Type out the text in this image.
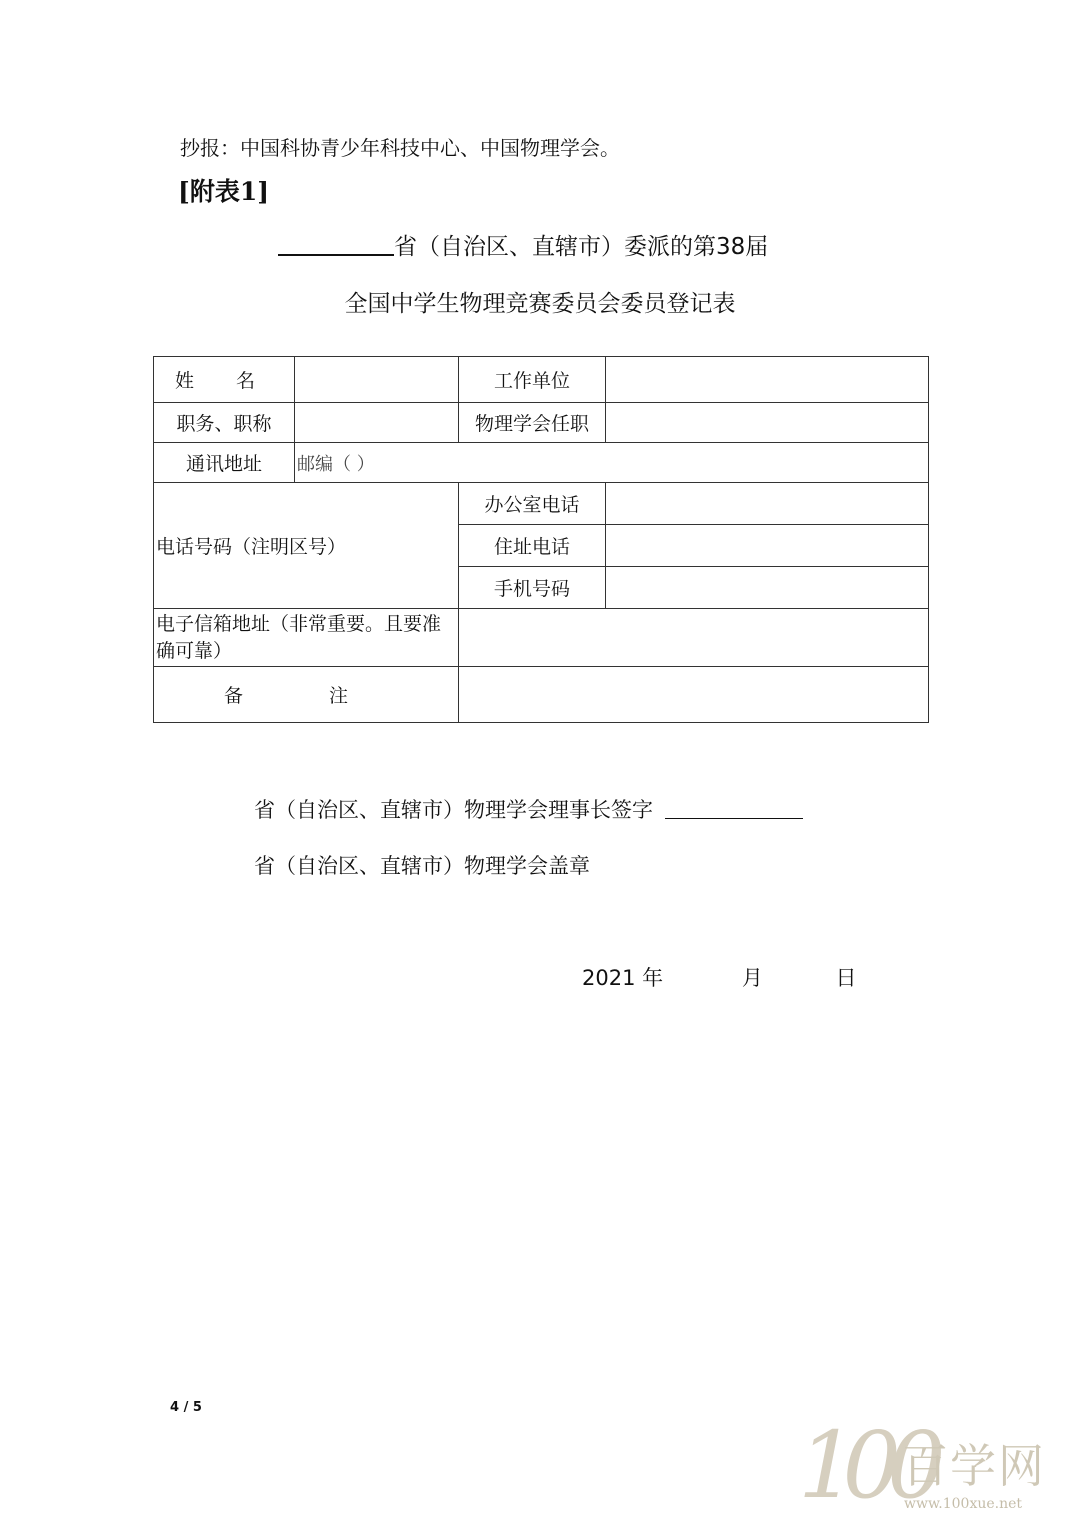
抄报：中国科协青少年科技中心、中国物理学会。
[附表1]
省（自治区、直辖市）委派的第38届
全国中学生物理竞赛委员会委员登记表
姓 名		工作单位	
职务、职称		物理学会任职	
通讯地址	邮编（ ）		
电话号码（注明区号）		办公室电话	
		住址电话	
		手机号码	
电子信箱地址（非常重要。且要准确可靠）			
备 注			
省（自治区、直辖市）物理学会理事长签字
省（自治区、直辖市）物理学会盖章
2021 年	月	日
4 / 5
100
百学网
www.100xue.net
